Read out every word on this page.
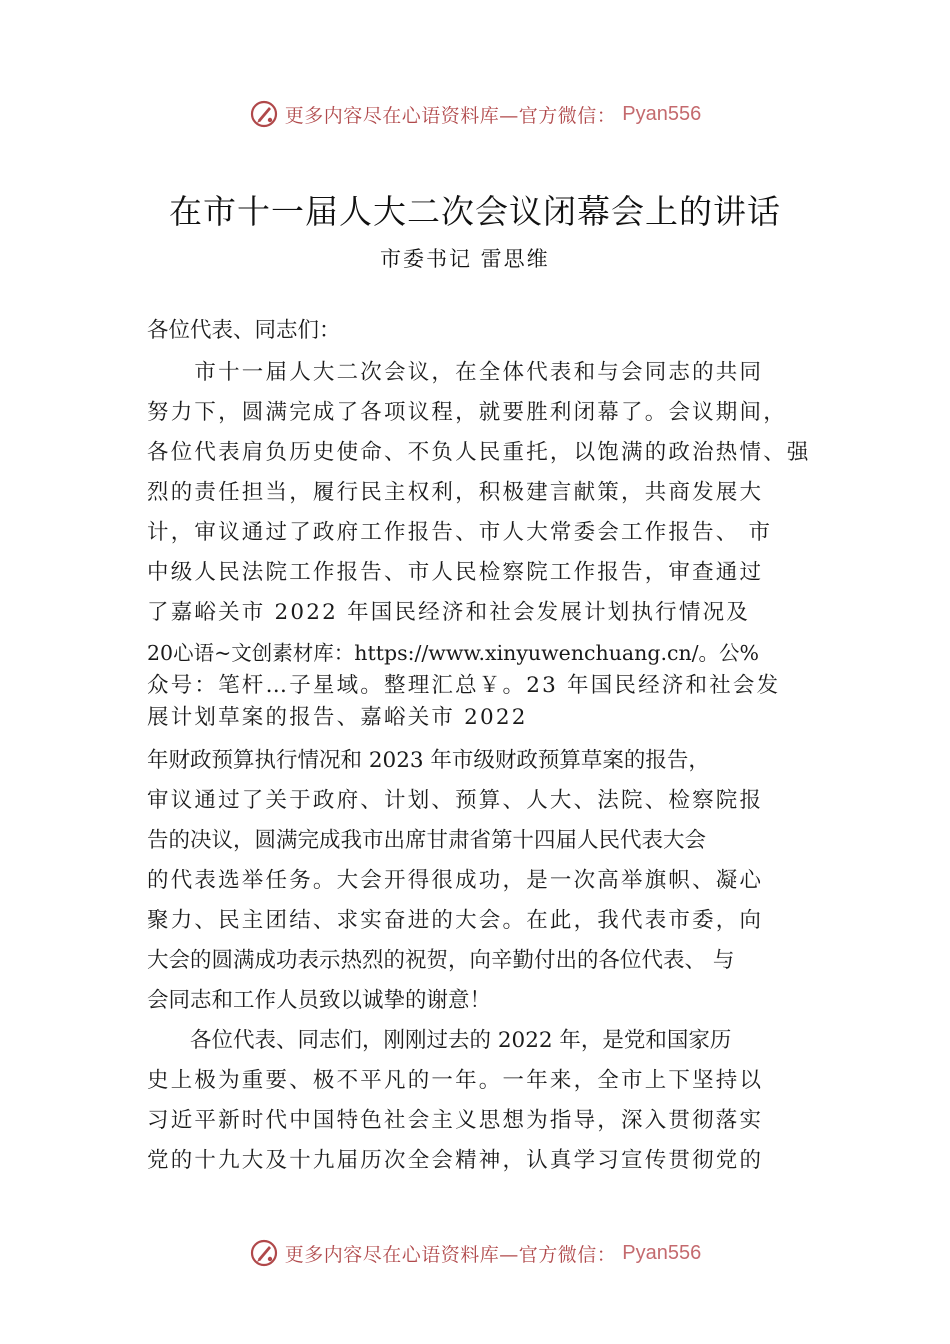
更多内容尽在心语资料库—官方微信： Pyan556
在市十一届人大二次会议闭幕会上的讲话
市委书记 雷思维
各位代表、同志们：
　　市十一届人大二次会议，在全体代表和与会同志的共同
努力下，圆满完成了各项议程，就要胜利闭幕了。会议期间，
各位代表肩负历史使命、不负人民重托，以饱满的政治热情、强
烈的责任担当，履行民主权利，积极建言献策，共商发展大
计，审议通过了政府工作报告、市人大常委会工作报告、 市
中级人民法院工作报告、市人民检察院工作报告，审查通过
了嘉峪关市 2022 年国民经济和社会发展计划执行情况及
20心语~文创素材库：https://www.xinyuwenchuang.cn/。公%
众号：笔杆…子星域。整理汇总￥。23 年国民经济和社会发
展计划草案的报告、嘉峪关市 2022
年财政预算执行情况和 2023 年市级财政预算草案的报告，
审议通过了关于政府、计划、预算、人大、法院、检察院报
告的决议，圆满完成我市出席甘肃省第十四届人民代表大会
的代表选举任务。大会开得很成功，是一次高举旗帜、凝心
聚力、民主团结、求实奋进的大会。在此，我代表市委，向
大会的圆满成功表示热烈的祝贺，向辛勤付出的各位代表、 与
会同志和工作人员致以诚挚的谢意！
　　各位代表、同志们，刚刚过去的 2022 年，是党和国家历
史上极为重要、极不平凡的一年。一年来，全市上下坚持以
习近平新时代中国特色社会主义思想为指导，深入贯彻落实
党的十九大及十九届历次全会精神，认真学习宣传贯彻党的
更多内容尽在心语资料库—官方微信： Pyan556
